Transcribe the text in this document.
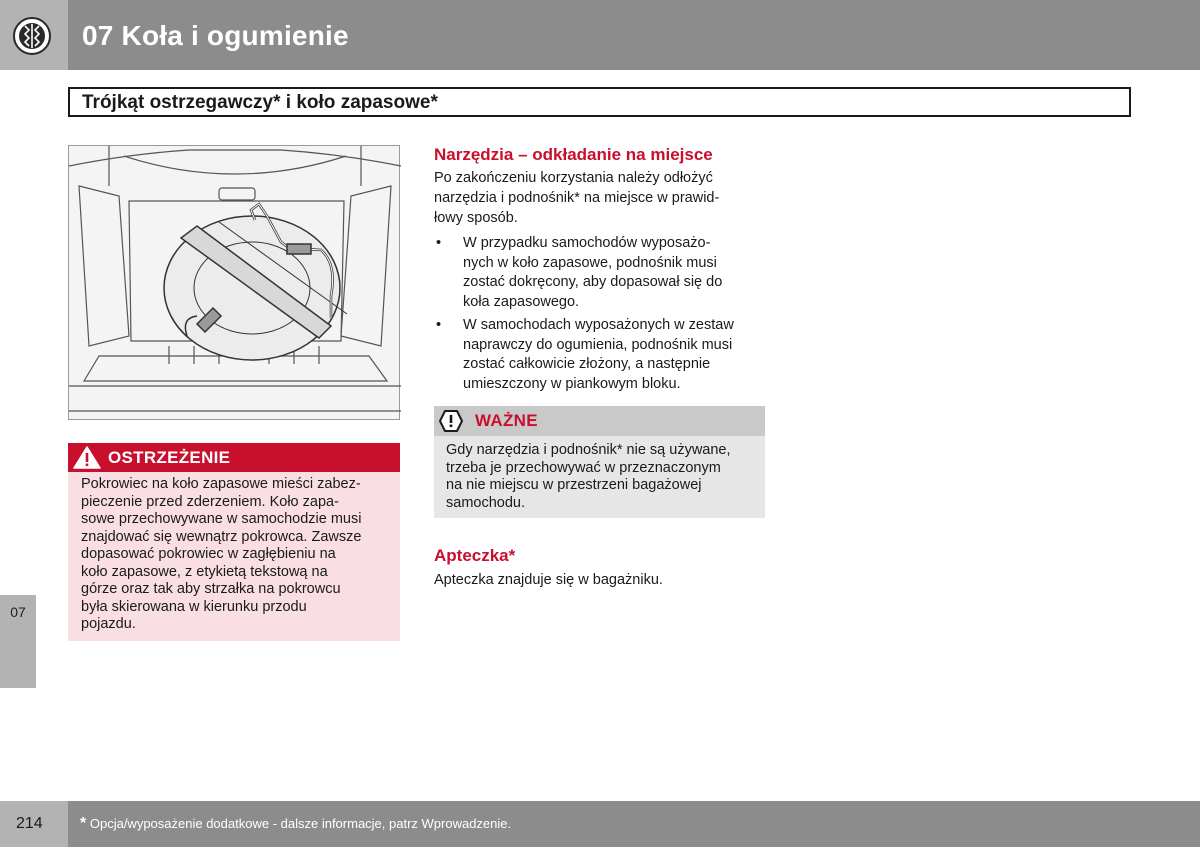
07 Koła i ogumienie
07
Trójkąt ostrzegawczy* i koło zapasowe*
OSTRZEŻENIE
Pokrowiec na koło zapasowe mieści zabez-
pieczenie przed zderzeniem. Koło zapa-
sowe przechowywane w samochodzie musi
znajdować się wewnątrz pokrowca. Zawsze
dopasować pokrowiec w zagłębieniu na
koło zapasowe, z etykietą tekstową na
górze oraz tak aby strzałka na pokrowcu
była skierowana w kierunku przodu
pojazdu.
Narzędzia – odkładanie na miejsce
Po zakończeniu korzystania należy odłożyć
narzędzia i podnośnik* na miejsce w prawid-
łowy sposób.
• W przypadku samochodów wyposażo-
nych w koło zapasowe, podnośnik musi
zostać dokręcony, aby dopasował się do
koła zapasowego.
• W samochodach wyposażonych w zestaw
naprawczy do ogumienia, podnośnik musi
zostać całkowicie złożony, a następnie
umieszczony w piankowym bloku.
WAŻNE
Gdy narzędzia i podnośnik* nie są używane,
trzeba je przechowywać w przeznaczonym
na nie miejscu w przestrzeni bagażowej
samochodu.
Apteczka*
Apteczka znajduje się w bagażniku.
214 * Opcja/wyposażenie dodatkowe - dalsze informacje, patrz Wprowadzenie.
